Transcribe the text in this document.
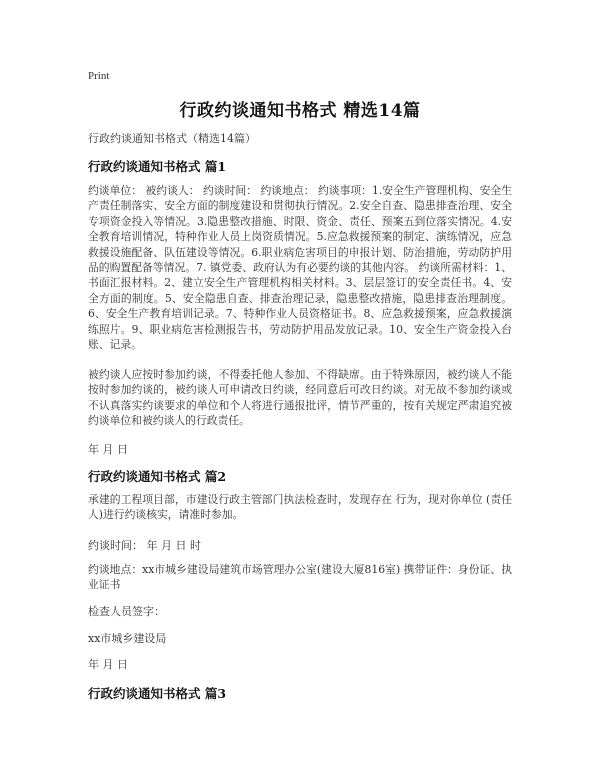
Print
行政约谈通知书格式 精选14篇
行政约谈通知书格式（精选14篇）
行政约谈通知书格式 篇1

约谈单位： 被约谈人： 约谈时间： 约谈地点： 约谈事项：1.安全生产管理机构、安全生产责任制落实、安全方面的制度建设和贯彻执行情况。2.安全自查、隐患排查治理、安全专项资金投入等情况。3.隐患整改措施、时限、资金、责任、预案五到位落实情况。4.安全教育培训情况，特种作业人员上岗资质情况。5.应急救援预案的制定、演练情况，应急救援设施配备、队伍建设等情况。6.职业病危害项目的申报计划、防治措施，劳动防护用品的购置配备等情况。7. 镇党委、政府认为有必要约谈的其他内容。 约谈所需材料：1、书面汇报材料。2、建立安全生产管理机构相关材料。3、层层签订的安全责任书。4、安全方面的制度。5、安全隐患自查、排查治理记录，隐患整改措施，隐患排查治理制度。6、安全生产教育培训记录。7、特种作业人员资格证书。8、应急救援预案，应急救援演练照片。9、职业病危害检测报告书，劳动防护用品发放记录。10、安全生产资金投入台账、记录。

被约谈人应按时参加约谈，不得委托他人参加、不得缺席。由于特殊原因，被约谈人不能按时参加约谈的，被约谈人可申请改日约谈，经同意后可改日约谈。对无故不参加约谈或不认真落实约谈要求的单位和个人将进行通报批评，情节严重的，按有关规定严肃追究被约谈单位和被约谈人的行政责任。

年 月 日

行政约谈通知书格式 篇2

承建的工程项目部，市建设行政主管部门执法检查时，发现存在 行为，现对你单位 (责任人)进行约谈核实，请准时参加。

约谈时间： 年 月 日 时

约谈地点：xx市城乡建设局建筑市场管理办公室(建设大厦816室) 携带证件：身份证、执业证书

检查人员签字：

xx市城乡建设局

年 月 日

行政约谈通知书格式 篇3
